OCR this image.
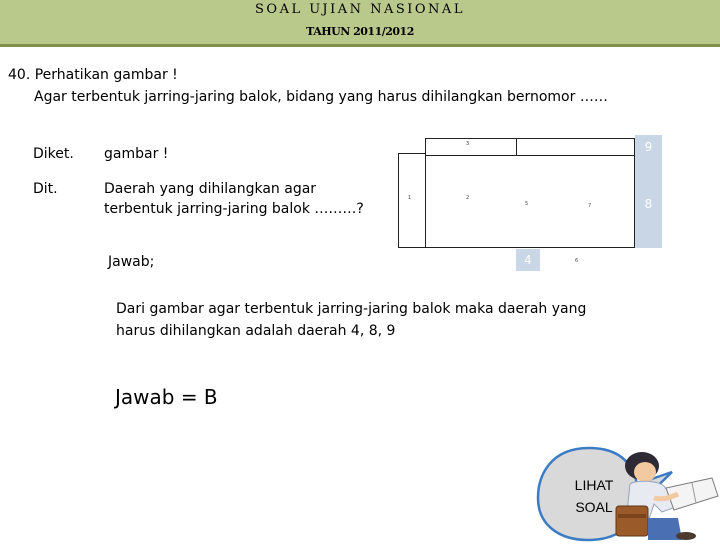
SOAL UJIAN NASIONAL
TAHUN 2011/2012
40. Perhatikan gambar !
Agar terbentuk jarring-jaring balok, bidang yang harus dihilangkan bernomor ……
Diket. gambar !
Dit.	Daerah yang dihilangkan agar
terbentuk jarring-jaring balok ………?
3
1	2
5	7
6
9
8
4
Jawab;
Dari gambar agar terbentuk jarring-jaring balok maka daerah yang
harus dihilangkan adalah daerah 4, 8, 9
Jawab = B
LIHAT
SOAL
